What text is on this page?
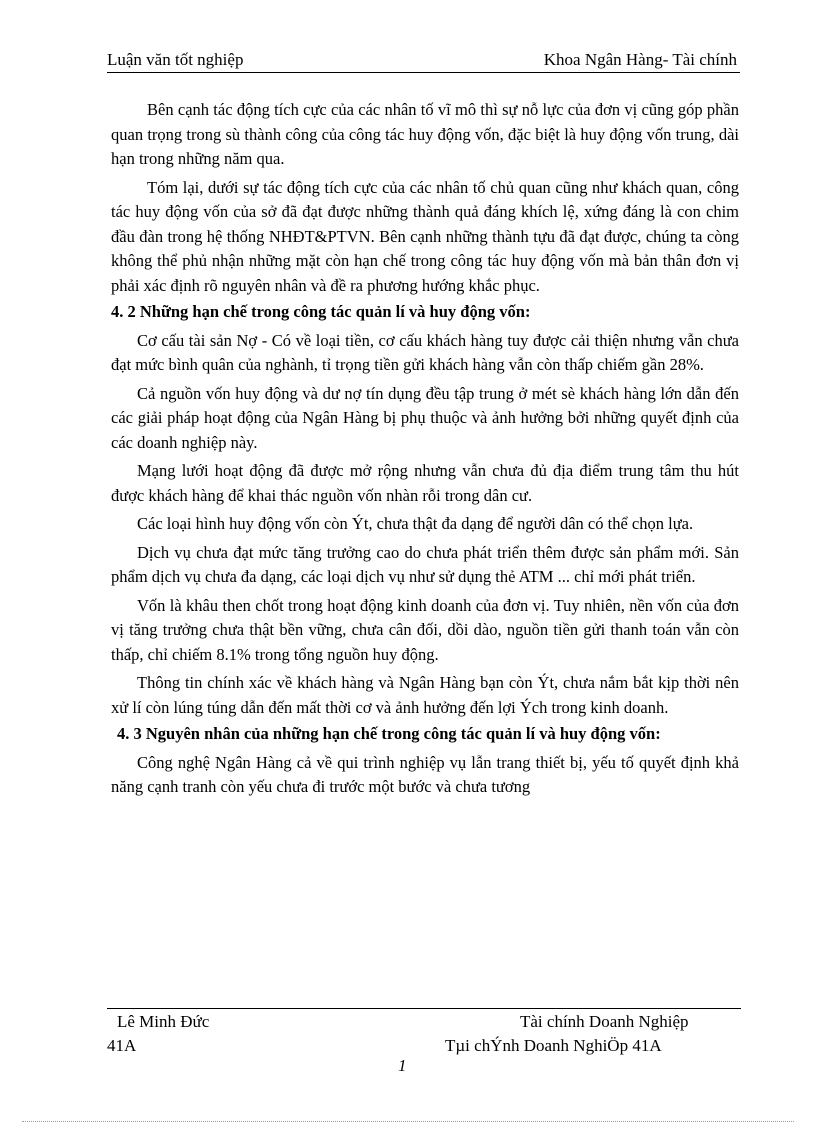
Luận văn tốt nghiệp	Khoa Ngân Hàng- Tài chính

Bên cạnh tác động tích cực của các nhân tố vĩ mô thì sự nỗ lực của đơn vị cũng góp phần quan trọng trong sù thành công của công tác huy động vốn, đặc biệt là huy động vốn trung, dài hạn trong những năm qua.

Tóm lại, dưới sự tác động tích cực của các nhân tố chủ quan cũng như khách quan, công tác huy động vốn của sở đã đạt được những thành quả đáng khích lệ, xứng đáng là con chim đầu đàn trong hệ thống NHĐT&PTVN. Bên cạnh những thành tựu đã đạt được, chúng ta còng không thể phủ nhận những mặt còn hạn chế trong công tác huy động vốn mà bản thân đơn vị phải xác định rõ nguyên nhân và đề ra phương hướng khắc phục.

4. 2 Những hạn chế trong công tác quản lí và huy động vốn:

Cơ cấu tài sản Nợ - Có về loại tiền, cơ cấu khách hàng tuy được cải thiện nhưng vẫn chưa đạt mức bình quân của nghành, tỉ trọng tiền gửi khách hàng vẫn còn thấp chiếm gần 28%.

Cả nguồn vốn huy động và dư nợ tín dụng đều tập trung ở mét sè khách hàng lớn dẫn đến các giải pháp hoạt động của Ngân Hàng bị phụ thuộc và ảnh hưởng bởi những quyết định của các doanh nghiệp này.

Mạng lưới hoạt động đã được mở rộng nhưng vẫn chưa đủ địa điểm trung tâm thu hút được khách hàng để khai thác nguồn vốn nhàn rỗi trong dân cư.

Các loại hình huy động vốn còn Ýt, chưa thật đa dạng để người dân có thể chọn lựa.

Dịch vụ chưa đạt mức tăng trưởng cao do chưa phát triển thêm được sản phẩm mới. Sản phẩm dịch vụ chưa đa dạng, các loại dịch vụ như sử dụng thẻ ATM ... chỉ mới phát triển.

Vốn là khâu then chốt trong hoạt động kinh doanh của đơn vị. Tuy nhiên, nền vốn của đơn vị tăng trưởng chưa thật bền vững, chưa cân đối, dồi dào, nguồn tiền gửi thanh toán vẫn còn thấp, chỉ chiếm 8.1% trong tổng nguồn huy động.

Thông tin chính xác về khách hàng và Ngân Hàng bạn còn Ýt, chưa nắm bắt kịp thời nên xử lí còn lúng túng dẫn đến mất thời cơ và ảnh hưởng đến lợi Ých trong kinh doanh.

4. 3 Nguyên nhân của những hạn chế trong công tác quản lí và huy động vốn:

Công nghệ Ngân Hàng cả về qui trình nghiệp vụ lẫn trang thiết bị, yếu tố quyết định khả năng cạnh tranh còn yếu chưa đi trước một bước và chưa tương

Lê Minh Đức	Tài chính Doanh Nghiệp
41A	Tµi chÝnh Doanh NghiÖp 41A
1
